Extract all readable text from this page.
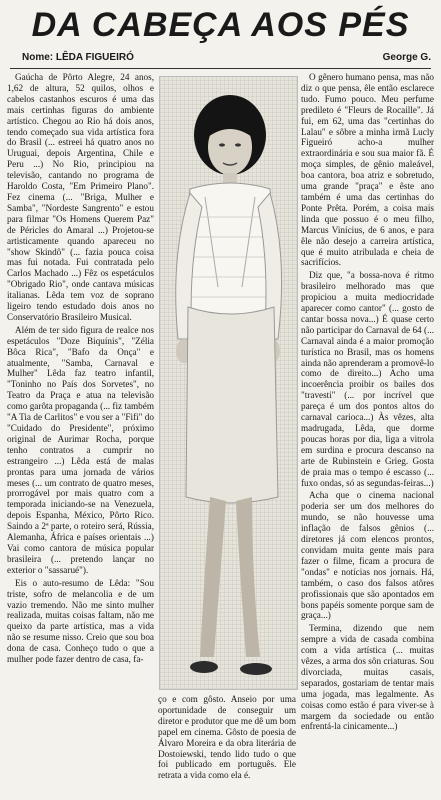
DA CABEÇA AOS PÉS
Nome: LÊDA FIGUEIRÓ	George G.

Gaúcha de Pôrto Alegre, 24 anos, 1,62 de altura, 52 quilos, olhos e cabelos castanhos escuros é uma das mais certinhas figuras do ambiente artístico. Chegou ao Rio há dois anos, tendo começado sua vida artística fora do Brasil (... estreei há quatro anos no Uruguai, depois Argentina, Chile e Peru ...) No Rio, principiou na televisão, cantando no programa de Haroldo Costa, "Em Primeiro Plano". Fez cinema (... "Briga, Mulher e Samba", "Nordeste Sangrento" e estou para filmar "Os Homens Querem Paz" de Péricles do Amaral ...) Projetou-se artisticamente quando apareceu no "show Skindô" (... fazia pouca coisa mas fui notada. Fui contratada pelo Carlos Machado ...) Fêz os espetáculos "Obrigado Rio", onde cantava músicas italianas. Lêda tem voz de soprano ligeiro tendo estudado dois anos no Conservatório Brasileiro Musical.

Além de ter sido figura de realce nos espetáculos "Doze Biquínis", "Zélia Bôca Rica", "Bafo da Onça" e atualmente, "Samba, Carnaval e Mulher" Lêda faz teatro infantil, "Toninho no País dos Sorvetes", no Teatro da Praça e atua na televisão como garôta propaganda (... fiz também "A Tia de Carlitos" e vou ser a "Fifi" do "Cuidado do Presidente", próximo original de Aurimar Rocha, porque tenho contratos a cumprir no estrangeiro ...) Lêda está de malas prontas para uma jornada de vários meses (... um contrato de quatro meses, prorrogável por mais quatro com a temporada iniciando-se na Venezuela, depois Espanha, México, Pôrto Rico. Saindo a 2ª parte, o roteiro será, Rússia, Alemanha, África e países orientais ...) Vai como cantora de música popular brasileira (... pretendo lançar no exterior o "sassarué").

Eis o auto-resumo de Lêda: "Sou triste, sofro de melancolia e de um vazio tremendo. Não me sinto mulher realizada, muitas coisas faltam, não me queixo da parte artística, mas a vida não se resume nisso. Creio que sou boa dona de casa. Conheço tudo o que a mulher pode fazer dentro de casa, fa-

ço e com gôsto. Anseio por uma oportunidade de conseguir um diretor e produtor que me dê um bom papel em cinema. Gôsto de poesia de Álvaro Moreira e da obra literária de Dostoiewski, tendo lido tudo o que foi publicado em português. Ele retrata a vida como ela é.

O gênero humano pensa, mas não diz o que pensa, êle então esclarece tudo. Fumo pouco. Meu perfume predileto é "Fleurs de Rocaille". Já fui, em 62, uma das "certinhas do Lalau" e sôbre a minha irmã Lucly Figueiró acho-a mulher extraordinária e sou sua maior fã. É moça simples, de gênio maleável, boa cantora, boa atriz e sobretudo, uma grande "praça" e êste ano também é uma das certinhas do Ponte Prêta. Porém, a coisa mais linda que possuo é o meu filho, Marcus Vinícius, de 6 anos, e para êle não desejo a carreira artística, que é muito atribulada e cheia de sacrifícios.

Diz que, "a bossa-nova é ritmo brasileiro melhorado mas que propiciou a muita mediocridade aparecer como cantor" (... gosto de cantar bossa nova...) É quase certo não participar do Carnaval de 64 (... Carnaval ainda é a maior promoção turística no Brasil, mas os homens ainda não aprenderam a promovê-lo como de direito...) Acho uma incoerência proibir os bailes dos "travesti" (... por incrível que pareça é um dos pontos altos do carnaval carioca...) Às vêzes, alta madrugada, Lêda, que dorme poucas horas por dia, liga a vitrola em surdina e procura descanso na arte de Rubinstein e Grieg. Gosta de praia mas o tempo é escasso (... fuxo ondas, só as segundas-feiras...)

Acha que o cinema nacional poderia ser um dos melhores do mundo, se não houvesse uma inflação de falsos gênios (... diretores já com elencos prontos, convidam muita gente mais para fazer o filme, ficam a procura de "ondas" e notícias nos jornais. Há, também, o caso dos falsos atôres profissionais que são apontados em bons papéis somente porque sam de graça...)

Termina, dizendo que nem sempre a vida de casada combina com a vida artística (... muitas vêzes, a arma dos sôn criaturas. Sou divorciada, muitas casais, separados, gostariam de tentar mais uma jogada, mas legalmente. As coisas como estão é para viver-se à margem da sociedade ou então enfrentá-la cinicamente...)
